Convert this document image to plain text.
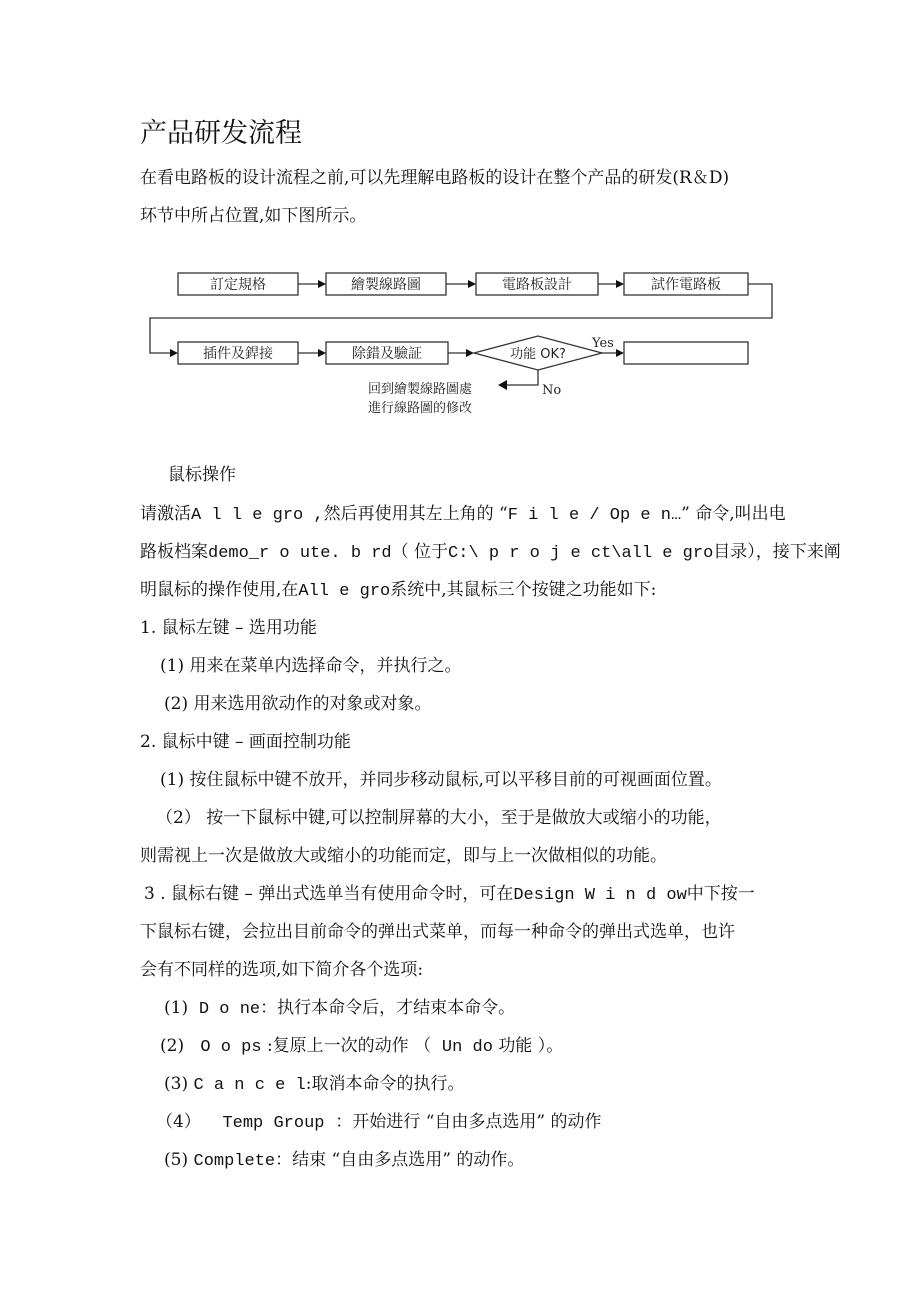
产品研发流程
在看电路板的设计流程之前,可以先理解电路板的设计在整个产品的研发(R＆D)
环节中所占位置,如下图所示。
訂定規格	繪製線路圖	電路板設計	試作電路板
插件及銲接	除錯及驗証	功能 OK?
Yes
No
回到繪製線路圖處
進行線路圖的修改
鼠标操作
请激活A l l e gro ,然后再使用其左上角的 “F i l e / Op e n…” 命令,叫出电
路板档案demo_r o ute. b rd（ 位于C:\ p r o j e ct\all e gro目录），接下来阐
明鼠标的操作使用,在All e gro系统中,其鼠标三个按键之功能如下:
1. 鼠标左键 – 选用功能
(1) 用来在菜单内选择命令，并执行之。
(2) 用来选用欲动作的对象或对象。
2. 鼠标中键 – 画面控制功能
(1) 按住鼠标中键不放开，并同步移动鼠标,可以平移目前的可视画面位置。
（2） 按一下鼠标中键,可以控制屏幕的大小，至于是做放大或缩小的功能，
则需视上一次是做放大或缩小的功能而定，即与上一次做相似的功能。
3 . 鼠标右键 – 弹出式选单当有使用命令时，可在Design W i n d ow中下按一
下鼠标右键，会拉出目前命令的弹出式菜单，而每一种命令的弹出式选单，也许
会有不同样的选项,如下简介各个选项:
(1) D o ne：执行本命令后，才结束本命令。
(2) O o ps :复原上一次的动作 （ Un do 功能 ）。
(3) C a n c e l:取消本命令的执行。
（4） Temp Group ：开始进行 “自由多点选用” 的动作
(5) Complete：结束 “自由多点选用” 的动作。
